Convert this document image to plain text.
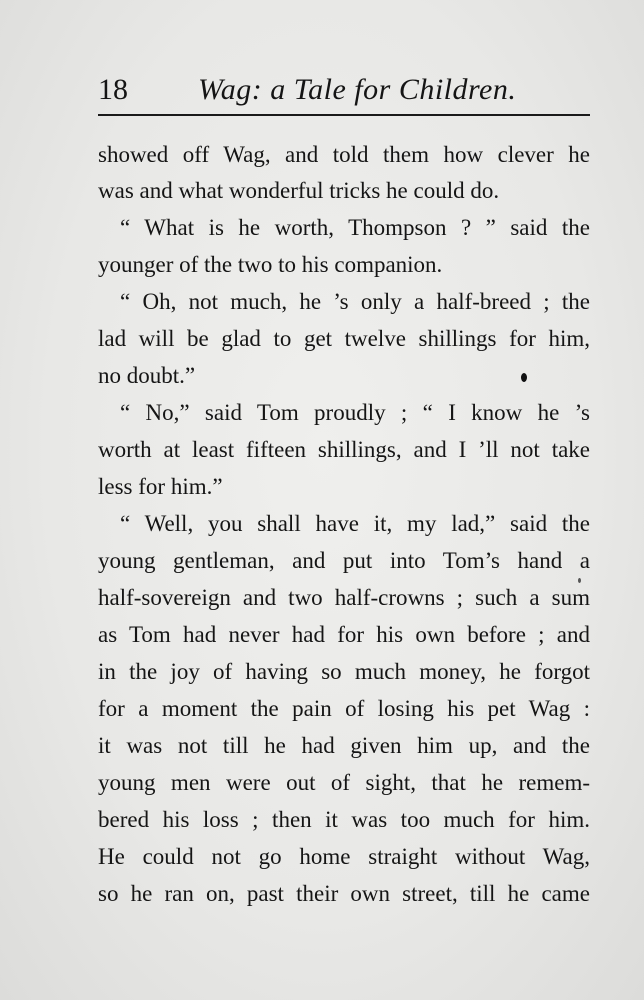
18 Wag: a Tale for Children.
showed off Wag, and told them how clever he
was and what wonderful tricks he could do.
“ What is he worth, Thompson ? ” said the
younger of the two to his companion.
“ Oh, not much, he ’s only a half-breed ; the
lad will be glad to get twelve shillings for him,
no doubt.”
“ No,” said Tom proudly ; “ I know he ’s
worth at least fifteen shillings, and I ’ll not take
less for him.”
“ Well, you shall have it, my lad,” said the
young gentleman, and put into Tom’s hand a
half-sovereign and two half-crowns ; such a sum
as Tom had never had for his own before ; and
in the joy of having so much money, he forgot
for a moment the pain of losing his pet Wag :
it was not till he had given him up, and the
young men were out of sight, that he remem-
bered his loss ; then it was too much for him.
He could not go home straight without Wag,
so he ran on, past their own street, till he came
